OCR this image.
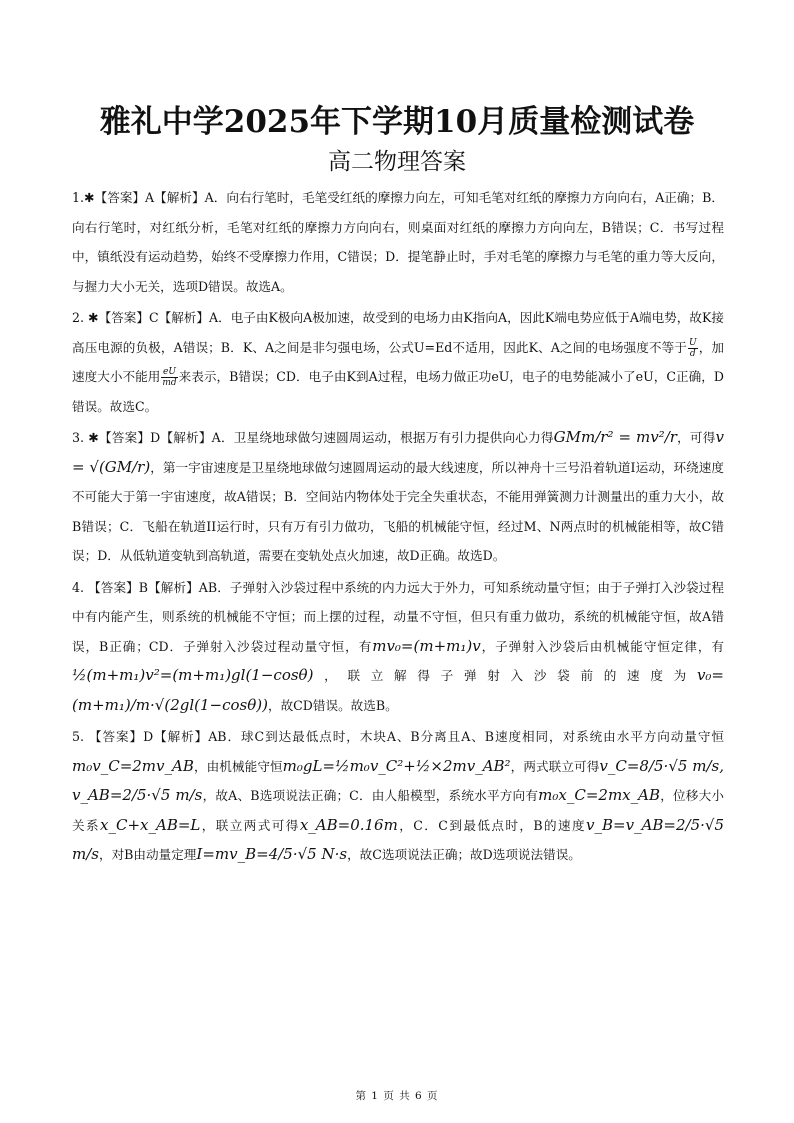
雅礼中学2025年下学期10月质量检测试卷
高二物理答案

1.✱【答案】A【解析】A．向右行笔时，毛笔受红纸的摩擦力向左，可知毛笔对红纸的摩擦力方向向右，A正确；B．向右行笔时，对红纸分析，毛笔对红纸的摩擦力方向向右，则桌面对红纸的摩擦力方向向左，B错误；C．书写过程中，镇纸没有运动趋势，始终不受摩擦力作用，C错误；D．提笔静止时，手对毛笔的摩擦力与毛笔的重力等大反向，与握力大小无关，选项D错误。故选A。

2. ✱【答案】C【解析】A．电子由K极向A极加速，故受到的电场力由K指向A，因此K端电势应低于A端电势，故K接高压电源的负极，A错误；B．K、A之间是非匀强电场，公式U=Ed不适用，因此K、A之间的电场强度不等于 $\frac{U}{d}$ ，加速度大小不能用 $\frac{eU}{md}$ 来表示，B错误；CD．电子由K到A过程，电场力做正功eU，电子的电势能减小了eU，C正确，D错误。故选C。

3. ✱【答案】D【解析】A．卫星绕地球做匀速圆周运动，根据万有引力提供向心力得GMm/r² = mv²/r，可得v = √(GM/r)，第一宇宙速度是卫星绕地球做匀速圆周运动的最大线速度，所以神舟十三号沿着轨道I运动，环绕速度不可能大于第一宇宙速度，故A错误；B．空间站内物体处于完全失重状态，不能用弹簧测力计测量出的重力大小，故B错误；C．飞船在轨道II运行时，只有万有引力做功，飞船的机械能守恒，经过M、N两点时的机械能相等，故C错误；D．从低轨道变轨到高轨道，需要在变轨处点火加速，故D正确。故选D。

4. 【答案】B【解析】AB．子弹射入沙袋过程中系统的内力远大于外力，可知系统动量守恒；由于子弹打入沙袋过程中有内能产生，则系统的机械能不守恒；而上摆的过程，动量不守恒，但只有重力做功，系统的机械能守恒，故A错误，B正确；CD．子弹射入沙袋过程动量守恒，有mv₀=(m+m₁)v，子弹射入沙袋后由机械能守恒定律，有½(m+m₁)v²=(m+m₁)gl(1−cosθ)，联立解得子弹射入沙袋前的速度为v₀=(m+m₁)/m·√(2gl(1−cosθ))，故CD错误。故选B。

5. 【答案】D【解析】AB．球C到达最低点时，木块A、B分离且A、B速度相同，对系统由水平方向动量守恒m₀v_C=2mv_AB，由机械能守恒m₀gL=½m₀v_C²+½×2mv_AB²，两式联立可得v_C=8/5·√5 m/s, v_AB=2/5·√5 m/s，故A、B选项说法正确；C．由人船模型，系统水平方向有m₀x_C=2mx_AB，位移大小关系x_C+x_AB=L，联立两式可得x_AB=0.16m，C．C到最低点时，B的速度v_B=v_AB=2/5·√5 m/s，对B由动量定理I=mv_B=4/5·√5 N·s，故C选项说法正确；故D选项说法错误。

第 1 页 共 6 页
